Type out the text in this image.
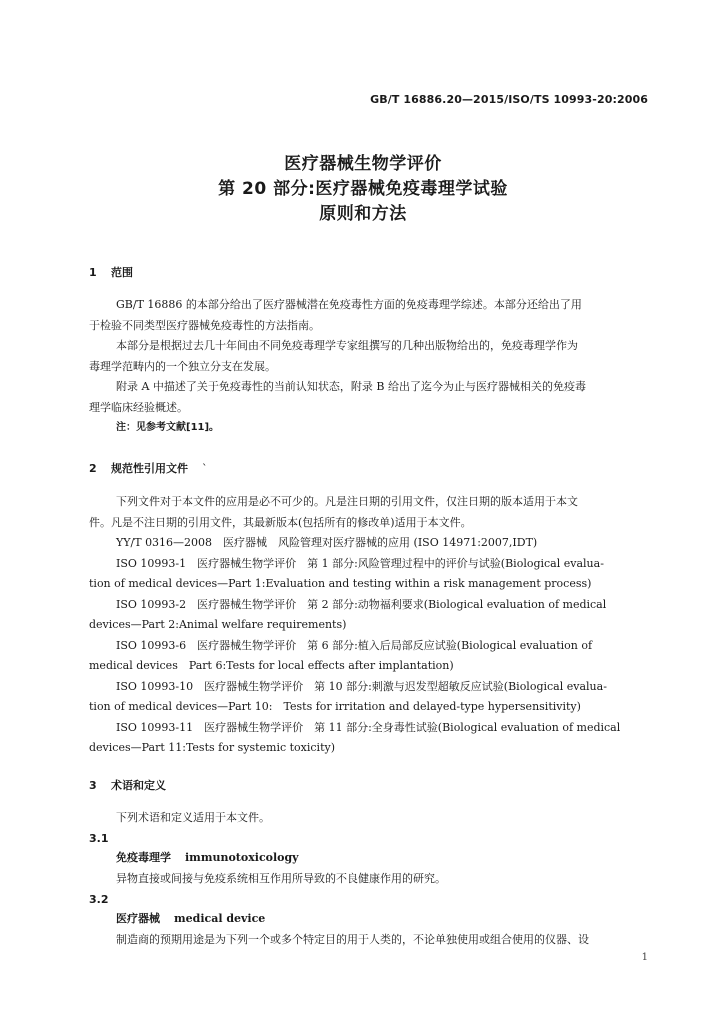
GB/T 16886.20—2015/ISO/TS 10993-20:2006
医疗器械生物学评价
第 20 部分:医疗器械免疫毒理学试验
原则和方法
1 范围
GB/T 16886 的本部分给出了医疗器械潜在免疫毒性方面的免疫毒理学综述。本部分还给出了用
于检验不同类型医疗器械免疫毒性的方法指南。
本部分是根据过去几十年间由不同免疫毒理学专家组撰写的几种出版物给出的，免疫毒理学作为
毒理学范畴内的一个独立分支在发展。
附录 A 中描述了关于免疫毒性的当前认知状态，附录 B 给出了迄今为止与医疗器械相关的免疫毒
理学临床经验概述。
注：见参考文献[11]。
2 规范性引用文件 `
下列文件对于本文件的应用是必不可少的。凡是注日期的引用文件，仅注日期的版本适用于本文
件。凡是不注日期的引用文件，其最新版本(包括所有的修改单)适用于本文件。
YY/T 0316—2008　医疗器械　风险管理对医疗器械的应用 (ISO 14971:2007,IDT)
ISO 10993-1　医疗器械生物学评价　第 1 部分:风险管理过程中的评价与试验(Biological evalua-
tion of medical devices—Part 1:Evaluation and testing within a risk management process)
ISO 10993-2　医疗器械生物学评价　第 2 部分:动物福利要求(Biological evaluation of medical
devices—Part 2:Animal welfare requirements)
ISO 10993-6　医疗器械生物学评价　第 6 部分:植入后局部反应试验(Biological evaluation of
medical devices　Part 6:Tests for local effects after implantation)
ISO 10993-10　医疗器械生物学评价　第 10 部分:刺激与迟发型超敏反应试验(Biological evalua-
tion of medical devices—Part 10:　Tests for irritation and delayed-type hypersensitivity)
ISO 10993-11　医疗器械生物学评价　第 11 部分:全身毒性试验(Biological evaluation of medical
devices—Part 11:Tests for systemic toxicity)
3 术语和定义
下列术语和定义适用于本文件。
3.1
免疫毒理学 immunotoxicology
异物直接或间接与免疫系统相互作用所导致的不良健康作用的研究。
3.2
医疗器械 medical device
制造商的预期用途是为下列一个或多个特定目的用于人类的，不论单独使用或组合使用的仪器、设
1
